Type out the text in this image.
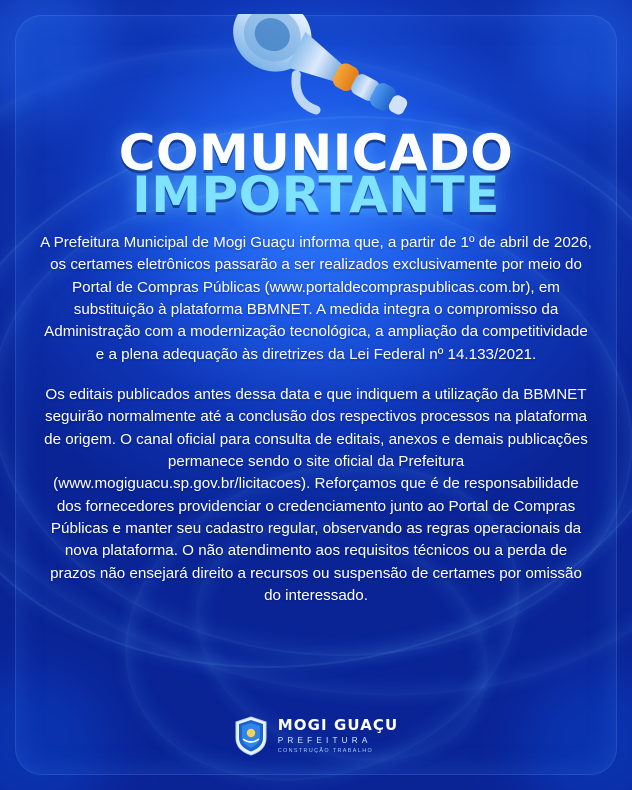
COMUNICADO
IMPORTANTE

A Prefeitura Municipal de Mogi Guaçu informa que, a partir de 1º de abril de 2026, os certames eletrônicos passarão a ser realizados exclusivamente por meio do Portal de Compras Públicas (www.portaldecompraspublicas.com.br), em substituição à plataforma BBMNET. A medida integra o compromisso da Administração com a modernização tecnológica, a ampliação da competitividade e a plena adequação às diretrizes da Lei Federal nº 14.133/2021.

Os editais publicados antes dessa data e que indiquem a utilização da BBMNET seguirão normalmente até a conclusão dos respectivos processos na plataforma de origem. O canal oficial para consulta de editais, anexos e demais publicações permanece sendo o site oficial da Prefeitura (www.mogiguacu.sp.gov.br/licitacoes). Reforçamos que é de responsabilidade dos fornecedores providenciar o credenciamento junto ao Portal de Compras Públicas e manter seu cadastro regular, observando as regras operacionais da nova plataforma. O não atendimento aos requisitos técnicos ou a perda de prazos não ensejará direito a recursos ou suspensão de certames por omissão do interessado.

MOGI GUAÇU
PREFEITURA
CONSTRUÇÃO TRABALHO
